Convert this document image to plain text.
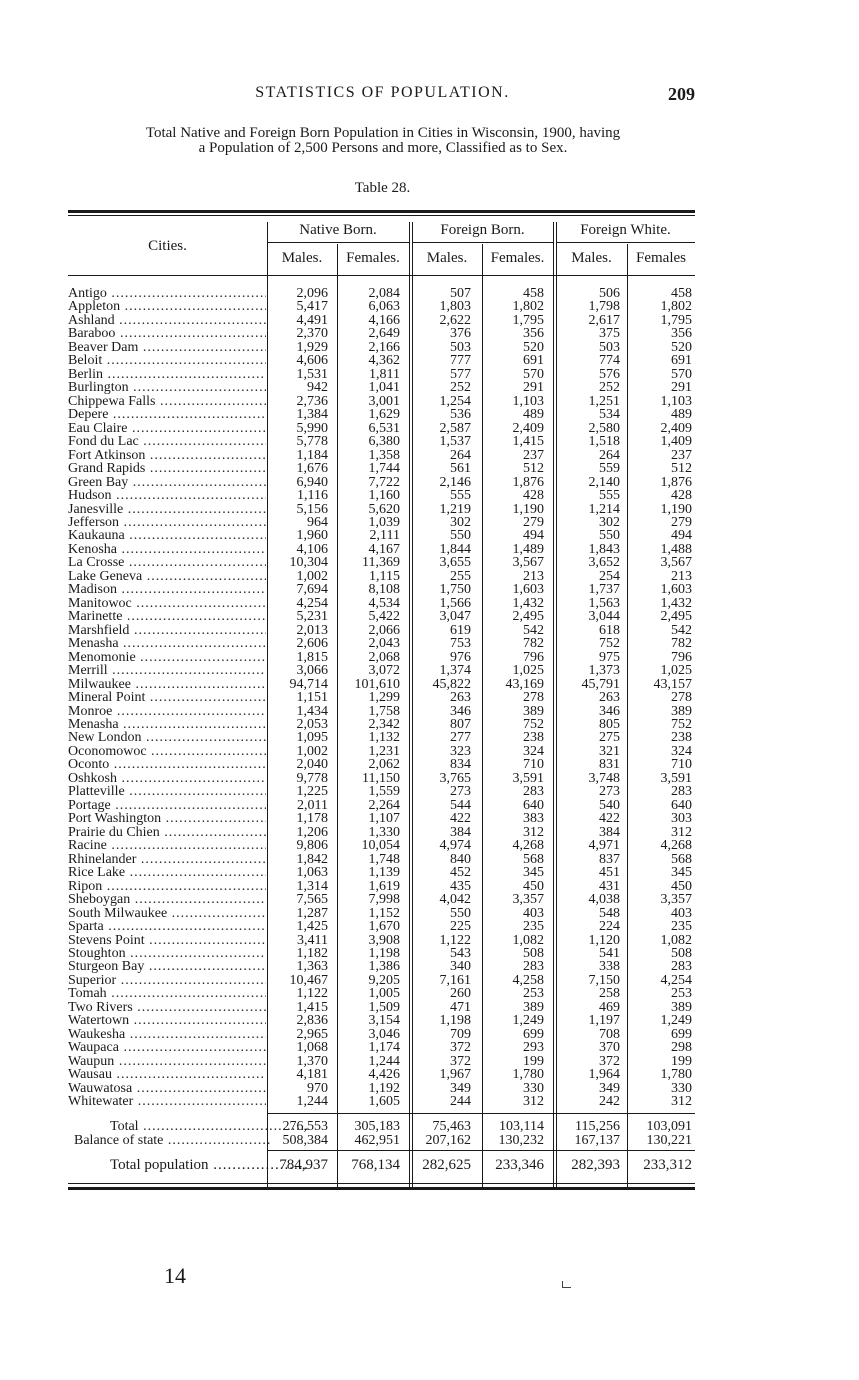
STATISTICS OF POPULATION.	209
Total Native and Foreign Born Population in Cities in Wisconsin, 1900, having
a Population of 2,500 Persons and more, Classified as to Sex.
Table 28.
Cities.
Native Born.	Foreign Born.	Foreign White.
Males.	Females.	Males.	Females.	Males.	Females
Antigo .....	2,096	2,084	507	458	506	458
Appleton .....	5,417	6,063	1,803	1,802	1,798	1,802
Ashland .....	4,491	4,166	2,622	1,795	2,617	1,795
Baraboo .....	2,370	2,649	376	356	375	356
Beaver Dam .....	1,929	2,166	503	520	503	520
Beloit .....	4,606	4,362	777	691	774	691
Berlin .....	1,531	1,811	577	570	576	570
Burlington .....	942	1,041	252	291	252	291
Chippewa Falls .....	2,736	3,001	1,254	1,103	1,251	1,103
Depere .....	1,384	1,629	536	489	534	489
Eau Claire .....	5,990	6,531	2,587	2,409	2,580	2,409
Fond du Lac .....	5,778	6,380	1,537	1,415	1,518	1,409
Fort Atkinson .....	1,184	1,358	264	237	264	237
Grand Rapids .....	1,676	1,744	561	512	559	512
Green Bay .....	6,940	7,722	2,146	1,876	2,140	1,876
Hudson .....	1,116	1,160	555	428	555	428
Janesville .....	5,156	5,620	1,219	1,190	1,214	1,190
Jefferson .....	964	1,039	302	279	302	279
Kaukauna .....	1,960	2,111	550	494	550	494
Kenosha .....	4,106	4,167	1,844	1,489	1,843	1,488
La Crosse .....	10,304	11,369	3,655	3,567	3,652	3,567
Lake Geneva .....	1,002	1,115	255	213	254	213
Madison .....	7,694	8,108	1,750	1,603	1,737	1,603
Manitowoc .....	4,254	4,534	1,566	1,432	1,563	1,432
Marinette .....	5,231	5,422	3,047	2,495	3,044	2,495
Marshfield .....	2,013	2,066	619	542	618	542
Menasha .....	2,606	2,043	753	782	752	782
Menomonie .....	1,815	2,068	976	796	975	796
Merrill .....	3,066	3,072	1,374	1,025	1,373	1,025
Milwaukee .....	94,714	101,610	45,822	43,169	45,791	43,157
Mineral Point .....	1,151	1,299	263	278	263	278
Monroe .....	1,434	1,758	346	389	346	389
Menasha .....	2,053	2,342	807	752	805	752
New London .....	1,095	1,132	277	238	275	238
Oconomowoc .....	1,002	1,231	323	324	321	324
Oconto .....	2,040	2,062	834	710	831	710
Oshkosh .....	9,778	11,150	3,765	3,591	3,748	3,591
Platteville .....	1,225	1,559	273	283	273	283
Portage .....	2,011	2,264	544	640	540	640
Port Washington .....	1,178	1,107	422	383	422	303
Prairie du Chien .....	1,206	1,330	384	312	384	312
Racine .....	9,806	10,054	4,974	4,268	4,971	4,268
Rhinelander .....	1,842	1,748	840	568	837	568
Rice Lake .....	1,063	1,139	452	345	451	345
Ripon .....	1,314	1,619	435	450	431	450
Sheboygan .....	7,565	7,998	4,042	3,357	4,038	3,357
South Milwaukee .....	1,287	1,152	550	403	548	403
Sparta .....	1,425	1,670	225	235	224	235
Stevens Point .....	3,411	3,908	1,122	1,082	1,120	1,082
Stoughton .....	1,182	1,198	543	508	541	508
Sturgeon Bay .....	1,363	1,386	340	283	338	283
Superior .....	10,467	9,205	7,161	4,258	7,150	4,254
Tomah .....	1,122	1,005	260	253	258	253
Two Rivers .....	1,415	1,509	471	389	469	389
Watertown .....	2,836	3,154	1,198	1,249	1,197	1,249
Waukesha .....	2,965	3,046	709	699	708	699
Waupaca .....	1,068	1,174	372	293	370	298
Waupun .....	1,370	1,244	372	199	372	199
Wausau .....	4,181	4,426	1,967	1,780	1,964	1,780
Wauwatosa .....	970	1,192	349	330	349	330
Whitewater .....	1,244	1,605	244	312	242	312
Total .....	276,553	305,183	75,463	103,114	115,256	103,091
Balance of state .....	508,384	462,951	207,162	130,232	167,137	130,221
Total population .....	784,937	768,134	282,625	233,346	282,393	233,312
14
